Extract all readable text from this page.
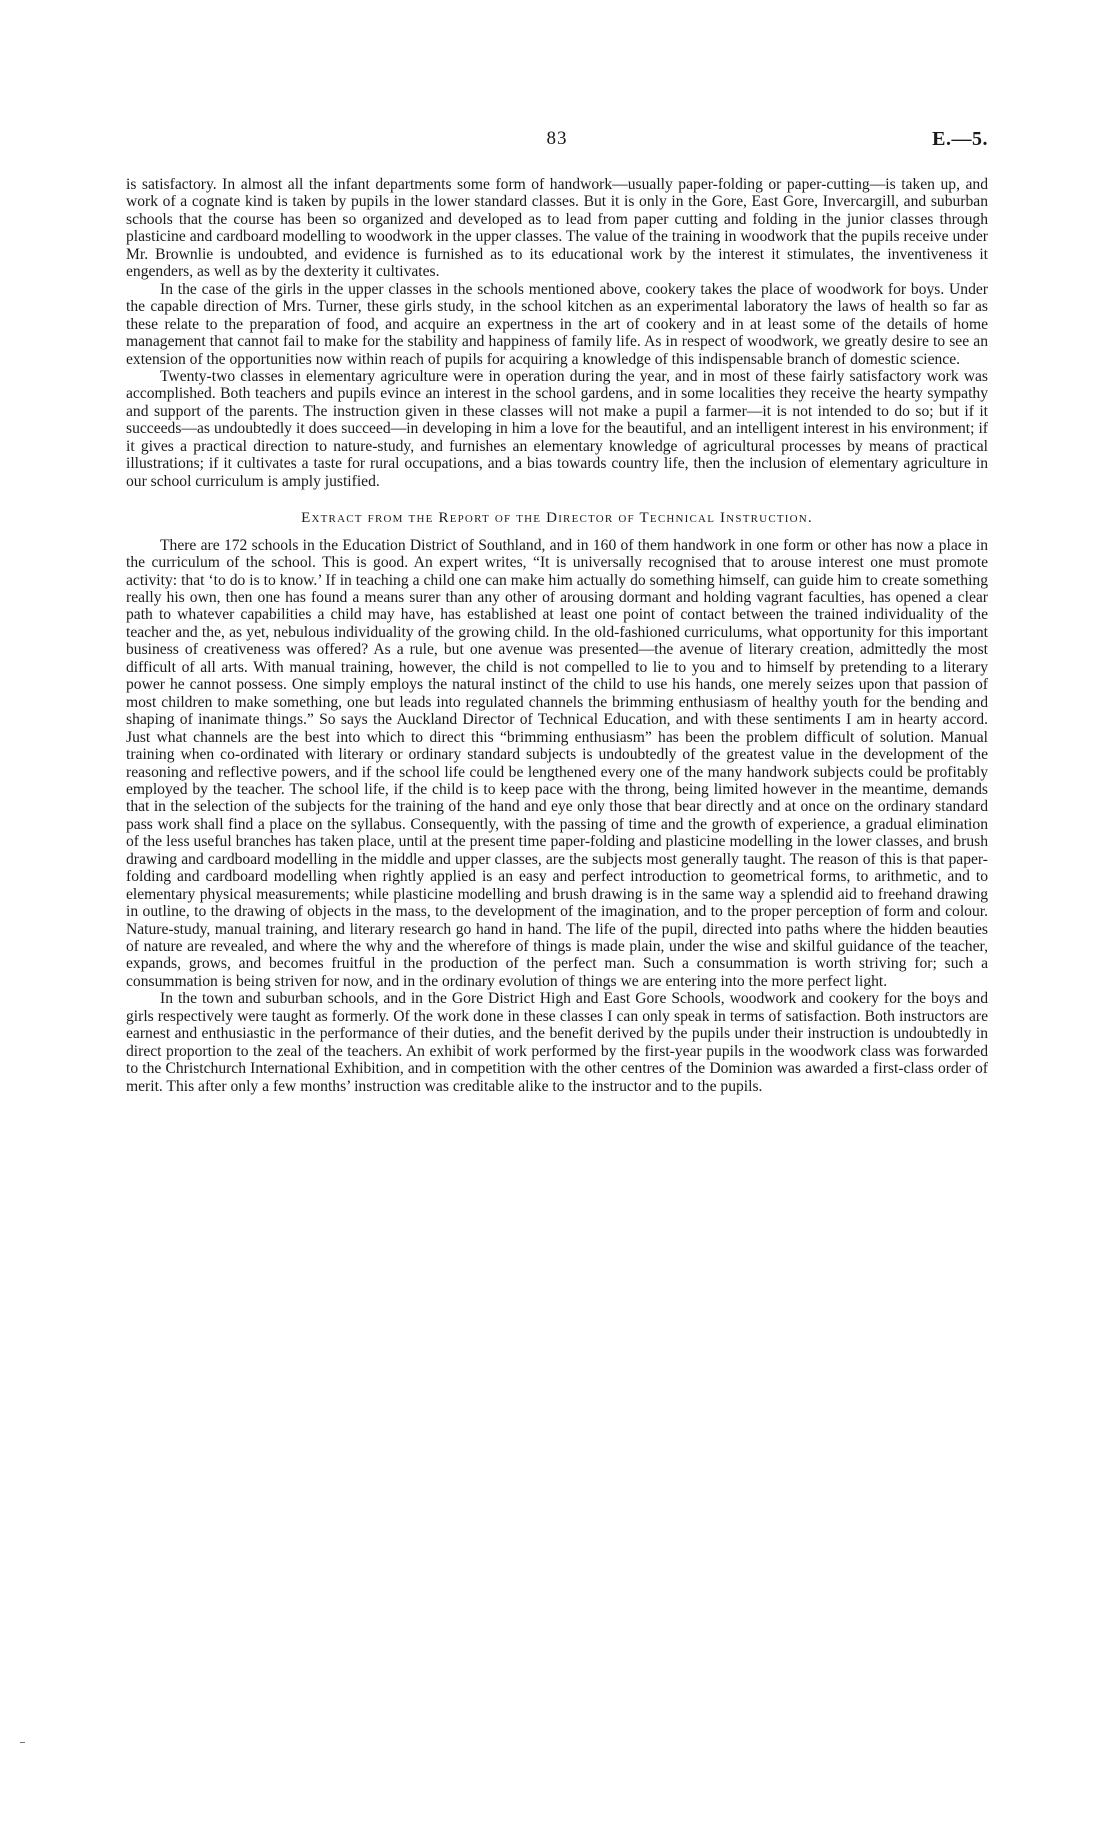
83	E.—5.

is satisfactory. In almost all the infant departments some form of handwork—usually paper-folding or paper-cutting—is taken up, and work of a cognate kind is taken by pupils in the lower standard classes. But it is only in the Gore, East Gore, Invercargill, and suburban schools that the course has been so organized and developed as to lead from paper cutting and folding in the junior classes through plasticine and cardboard modelling to woodwork in the upper classes. The value of the training in woodwork that the pupils receive under Mr. Brownlie is undoubted, and evidence is furnished as to its educational work by the interest it stimulates, the inventiveness it engenders, as well as by the dexterity it cultivates.

In the case of the girls in the upper classes in the schools mentioned above, cookery takes the place of woodwork for boys. Under the capable direction of Mrs. Turner, these girls study, in the school kitchen as an experimental laboratory the laws of health so far as these relate to the preparation of food, and acquire an expertness in the art of cookery and in at least some of the details of home management that cannot fail to make for the stability and happiness of family life. As in respect of woodwork, we greatly desire to see an extension of the opportunities now within reach of pupils for acquiring a knowledge of this indispensable branch of domestic science.

Twenty-two classes in elementary agriculture were in operation during the year, and in most of these fairly satisfactory work was accomplished. Both teachers and pupils evince an interest in the school gardens, and in some localities they receive the hearty sympathy and support of the parents. The instruction given in these classes will not make a pupil a farmer—it is not intended to do so; but if it succeeds—as undoubtedly it does succeed—in developing in him a love for the beautiful, and an intelligent interest in his environment; if it gives a practical direction to nature-study, and furnishes an elementary knowledge of agricultural processes by means of practical illustrations; if it cultivates a taste for rural occupations, and a bias towards country life, then the inclusion of elementary agriculture in our school curriculum is amply justified.

Extract from the Report of the Director of Technical Instruction.

There are 172 schools in the Education District of Southland, and in 160 of them handwork in one form or other has now a place in the curriculum of the school. This is good. An expert writes, “It is universally recognised that to arouse interest one must promote activity: that ‘to do is to know.’ If in teaching a child one can make him actually do something himself, can guide him to create something really his own, then one has found a means surer than any other of arousing dormant and holding vagrant faculties, has opened a clear path to whatever capabilities a child may have, has established at least one point of contact between the trained individuality of the teacher and the, as yet, nebulous individuality of the growing child. In the old-fashioned curriculums, what opportunity for this important business of creativeness was offered? As a rule, but one avenue was presented—the avenue of literary creation, admittedly the most difficult of all arts. With manual training, however, the child is not compelled to lie to you and to himself by pretending to a literary power he cannot possess. One simply employs the natural instinct of the child to use his hands, one merely seizes upon that passion of most children to make something, one but leads into regulated channels the brimming enthusiasm of healthy youth for the bending and shaping of inanimate things.” So says the Auckland Director of Technical Education, and with these sentiments I am in hearty accord. Just what channels are the best into which to direct this “brimming enthusiasm” has been the problem difficult of solution. Manual training when co-ordinated with literary or ordinary standard subjects is undoubtedly of the greatest value in the development of the reasoning and reflective powers, and if the school life could be lengthened every one of the many handwork subjects could be profitably employed by the teacher. The school life, if the child is to keep pace with the throng, being limited however in the meantime, demands that in the selection of the subjects for the training of the hand and eye only those that bear directly and at once on the ordinary standard pass work shall find a place on the syllabus. Consequently, with the passing of time and the growth of experience, a gradual elimination of the less useful branches has taken place, until at the present time paper-folding and plasticine modelling in the lower classes, and brush drawing and cardboard modelling in the middle and upper classes, are the subjects most generally taught. The reason of this is that paper-folding and cardboard modelling when rightly applied is an easy and perfect introduction to geometrical forms, to arithmetic, and to elementary physical measurements; while plasticine modelling and brush drawing is in the same way a splendid aid to freehand drawing in outline, to the drawing of objects in the mass, to the development of the imagination, and to the proper perception of form and colour. Nature-study, manual training, and literary research go hand in hand. The life of the pupil, directed into paths where the hidden beauties of nature are revealed, and where the why and the wherefore of things is made plain, under the wise and skilful guidance of the teacher, expands, grows, and becomes fruitful in the production of the perfect man. Such a consummation is worth striving for; such a consummation is being striven for now, and in the ordinary evolution of things we are entering into the more perfect light.

In the town and suburban schools, and in the Gore District High and East Gore Schools, woodwork and cookery for the boys and girls respectively were taught as formerly. Of the work done in these classes I can only speak in terms of satisfaction. Both instructors are earnest and enthusiastic in the performance of their duties, and the benefit derived by the pupils under their instruction is undoubtedly in direct proportion to the zeal of the teachers. An exhibit of work performed by the first-year pupils in the woodwork class was forwarded to the Christchurch International Exhibition, and in competition with the other centres of the Dominion was awarded a first-class order of merit. This after only a few months’ instruction was creditable alike to the instructor and to the pupils.
